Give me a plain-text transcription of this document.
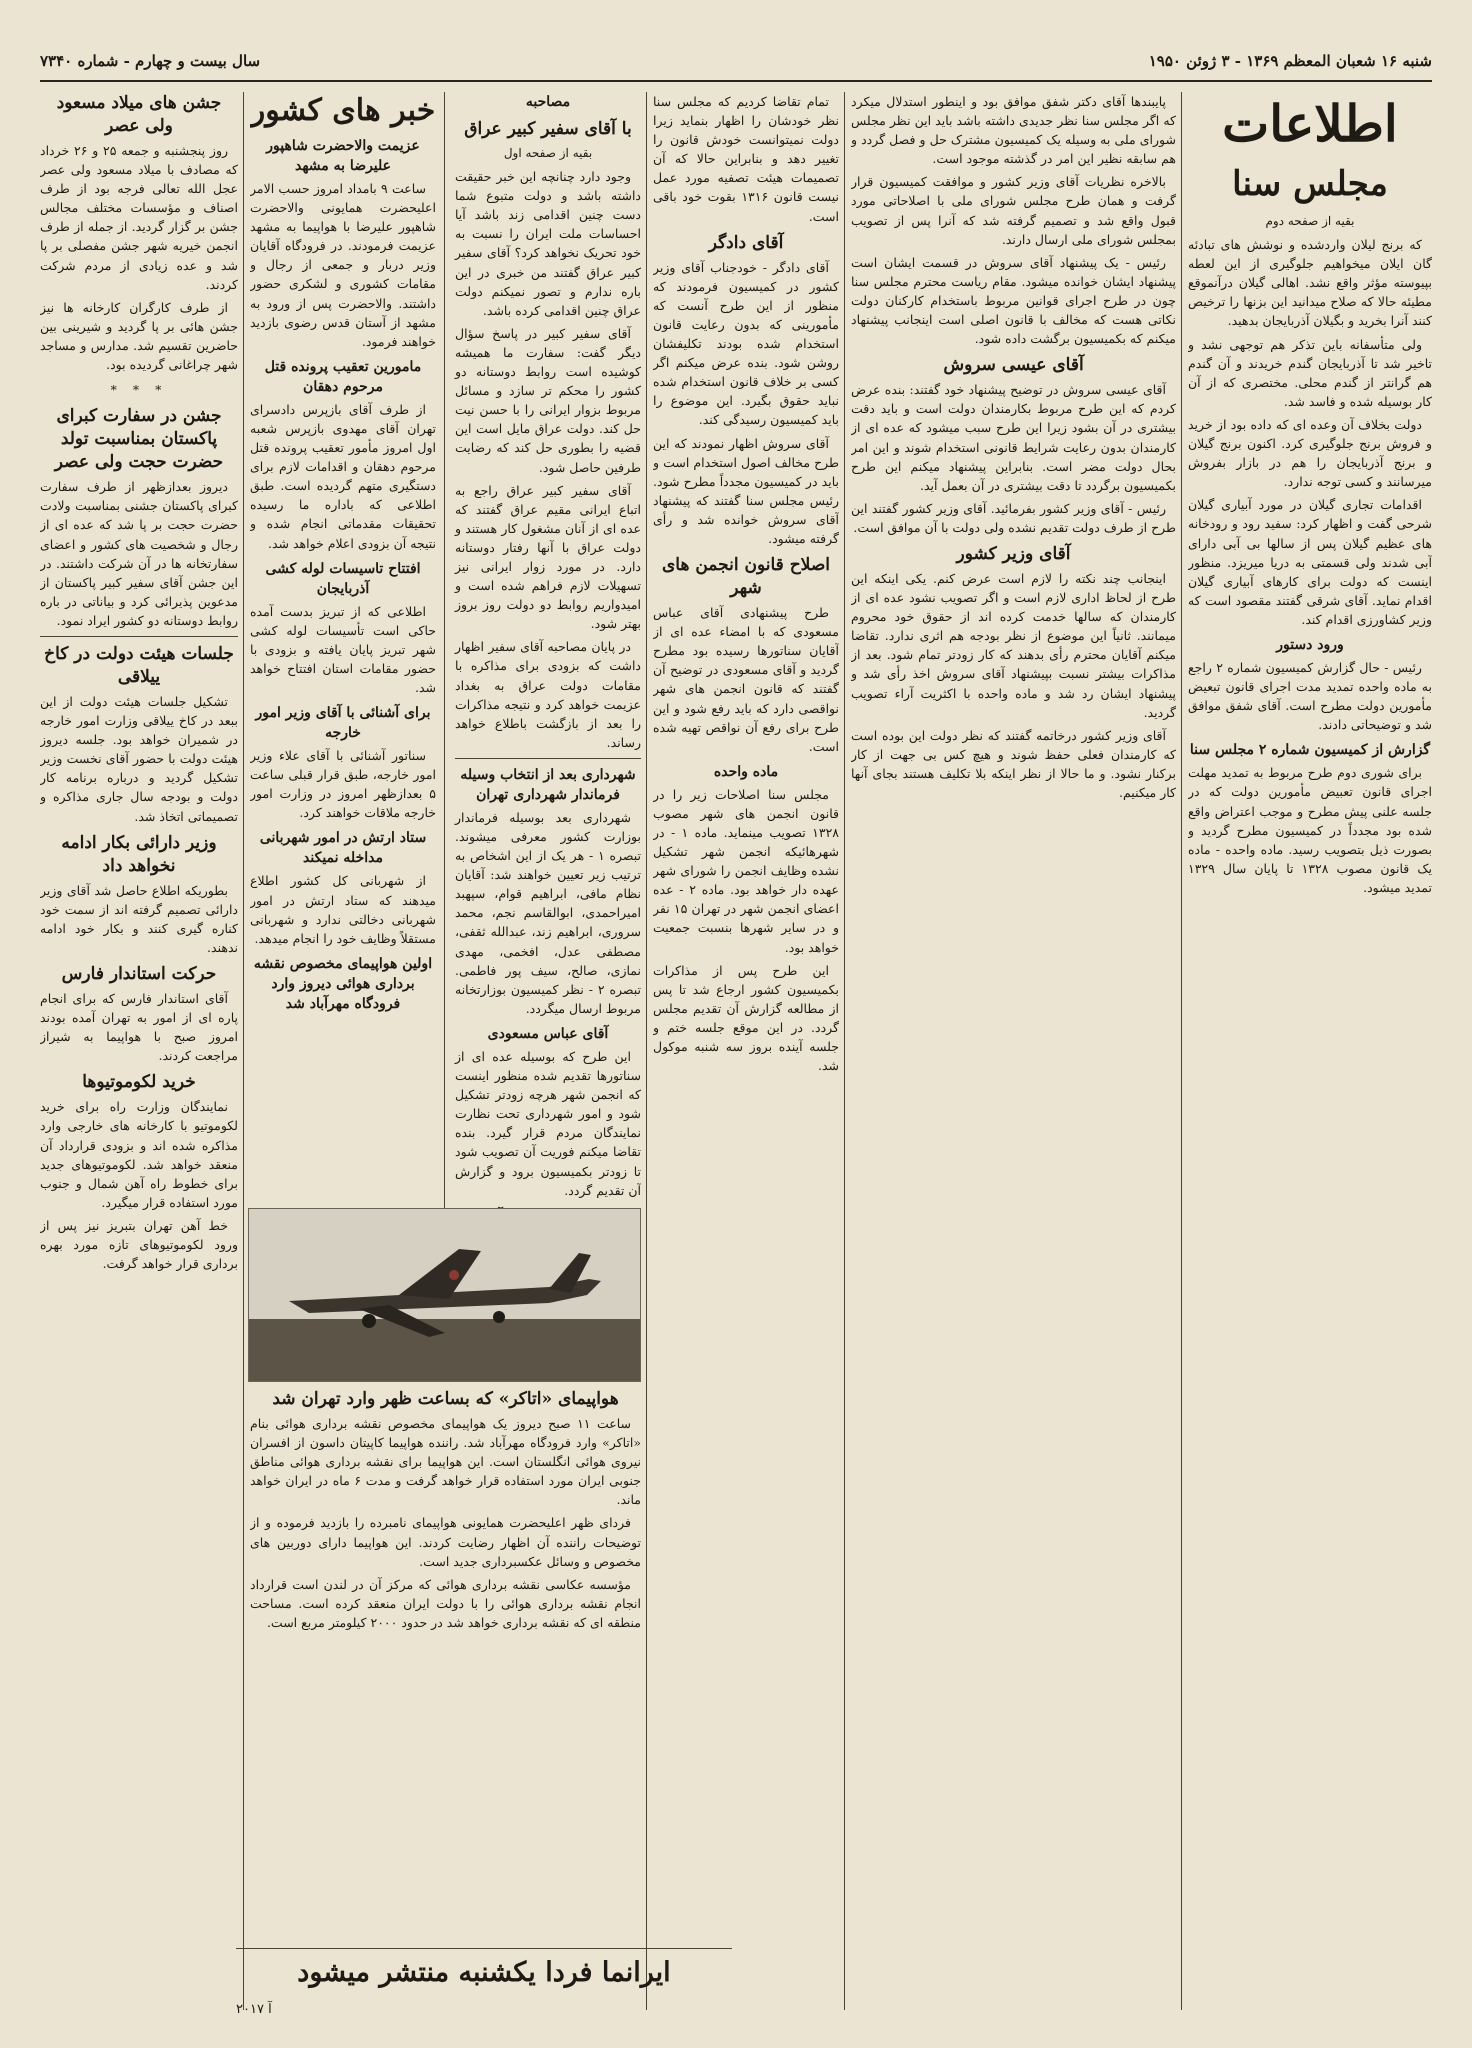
شنبه ۱۶ شعبان المعظم ۱۳۶۹ - ۳ ژوئن ۱۹۵۰
سال بیست و چهارم - شماره ۷۳۴۰
اطلاعات
مجلس سنا
بقیه از صفحه دوم

که برنج لیلان واردشده و نوشش های تبادئه گان ایلان میخواهیم جلوگیری از این لعطه بپیوسته مؤثر واقع نشد. اهالی گیلان درآنموقع مطیئه حالا که صلاح میدانید این بزنها را ترخیص کنند آنرا بخرید و بگیلان آذربایجان بدهید.

ولی متأسفانه باین تذکر هم توجهی نشد و تاخیر شد تا آذربایجان گندم خریدند و آن گندم هم گرانتر از گندم محلی. مختصری که از آن کار بوسیله شده و فاسد شد.

دولت بخلاف آن وعده ای که داده بود از خرید و فروش برنج جلوگیری کرد. اکنون برنج گیلان و برنج آذربایجان را هم در بازار بفروش میرسانند و کسی توجه ندارد.

اقدامات تجاری گیلان در مورد آبیاری گیلان شرحی گفت و اظهار کرد: سفید رود و رودخانه های عظیم گیلان پس از سالها بی آبی دارای آبی شدند ولی قسمتی به دریا میریزد. منظور اینست که دولت برای کارهای آبیاری گیلان اقدام نماید. آقای شرقی گفتند مقصود است که وزیر کشاورزی اقدام کند.

ورود دستور

رئیس - حال گزارش کمیسیون شماره ۲ راجع به ماده واحده تمدید مدت اجرای قانون تبعیض مأمورین دولت مطرح است. آقای شفق موافق شد و توضیحاتی دادند.

گزارش از کمیسیون شماره ۲ مجلس سنا

برای شوری دوم طرح مربوط به تمدید مهلت اجرای قانون تعبیض مأمورین دولت که در جلسه علنی پیش مطرح و موجب اعتراض واقع شده بود مجدداً در کمیسیون مطرح گردید و بصورت ذیل بتصویب رسید. ماده واحده - ماده یک قانون مصوب ۱۳۲۸ تا پایان سال ۱۳۲۹ تمدید میشود.

پایبندها آقای دکتر شفق موافق بود و اینطور استدلال میکرد که اگر مجلس سنا نظر جدیدی داشته باشد باید این نظر مجلس شورای ملی به وسیله یک کمیسیون مشترک حل و فصل گردد و هم سابقه نظیر این امر در گذشته موجود است.

بالاخره نظریات آقای وزیر کشور و موافقت کمیسیون قرار گرفت و همان طرح مجلس شورای ملی با اصلاحاتی مورد قبول واقع شد و تصمیم گرفته شد که آنرا پس از تصویب بمجلس شورای ملی ارسال دارند.

رئیس - یک پیشنهاد آقای سروش در قسمت ایشان است پیشنهاد ایشان خوانده میشود. مقام ریاست محترم مجلس سنا چون در طرح اجرای قوانین مربوط باستخدام کارکنان دولت نکاتی هست که مخالف با قانون اصلی است اینجانب پیشنهاد میکنم که بکمیسیون برگشت داده شود.

آقای عیسی سروش

آقای عیسی سروش در توضیح پیشنهاد خود گفتند: بنده عرض کردم که این طرح مربوط بکارمندان دولت است و باید دقت بیشتری در آن بشود زیرا این طرح سبب میشود که عده ای از کارمندان بدون رعایت شرایط قانونی استخدام شوند و این امر بحال دولت مضر است. بنابراین پیشنهاد میکنم این طرح بکمیسیون برگردد تا دقت بیشتری در آن بعمل آید.

رئیس - آقای وزیر کشور بفرمائید. آقای وزیر کشور گفتند این طرح از طرف دولت تقدیم نشده ولی دولت با آن موافق است.

آقای وزیر کشور

اینجانب چند نکته را لازم است عرض کنم. یکی اینکه این طرح از لحاظ اداری لازم است و اگر تصویب نشود عده ای از کارمندان که سالها خدمت کرده اند از حقوق خود محروم میمانند. ثانیاً این موضوع از نظر بودجه هم اثری ندارد. تقاضا میکنم آقایان محترم رأی بدهند که کار زودتر تمام شود. بعد از مذاکرات بیشتر نسبت بپیشنهاد آقای سروش اخذ رأی شد و پیشنهاد ایشان رد شد و ماده واحده با اکثریت آراء تصویب گردید.

آقای وزیر کشور درخاتمه گفتند که نظر دولت این بوده است که کارمندان فعلی حفظ شوند و هیچ کس بی جهت از کار برکنار نشود. و ما حالا از نظر اینکه بلا تکلیف هستند بجای آنها کار میکنیم.

تمام تقاضا کردیم که مجلس سنا نظر خودشان را اظهار بنماید زیرا دولت نمیتوانست خودش قانون را تغییر دهد و بنابراین حالا که آن تصمیمات هیئت تصفیه مورد عمل نیست قانون ۱۳۱۶ بقوت خود باقی است.

آقای دادگر

آقای دادگر - خودجناب آقای وزیر کشور در کمیسیون فرمودند که منظور از این طرح آنست که مأمورینی که بدون رعایت قانون استخدام شده بودند تکلیفشان روشن شود. بنده عرض میکنم اگر کسی بر خلاف قانون استخدام شده نباید حقوق بگیرد. این موضوع را باید کمیسیون رسیدگی کند.

آقای سروش اظهار نمودند که این طرح مخالف اصول استخدام است و باید در کمیسیون مجدداً مطرح شود. رئیس مجلس سنا گفتند که پیشنهاد آقای سروش خوانده شد و رأی گرفته میشود.

اصلاح قانون انجمن های شهر

طرح پیشنهادی آقای عباس مسعودی که با امضاء عده ای از آقایان سناتورها رسیده بود مطرح گردید و آقای مسعودی در توضیح آن گفتند که قانون انجمن های شهر نواقصی دارد که باید رفع شود و این طرح برای رفع آن نواقص تهیه شده است.

ماده واحده

مجلس سنا اصلاحات زیر را در قانون انجمن های شهر مصوب ۱۳۲۸ تصویب مینماید. ماده ۱ - در شهرهائیکه انجمن شهر تشکیل نشده وظایف انجمن را شورای شهر عهده دار خواهد بود. ماده ۲ - عده اعضای انجمن شهر در تهران ۱۵ نفر و در سایر شهرها بنسبت جمعیت خواهد بود.

این طرح پس از مذاکرات بکمیسیون کشور ارجاع شد تا پس از مطالعه گزارش آن تقدیم مجلس گردد. در این موقع جلسه ختم و جلسه آینده بروز سه شنبه موکول شد.

مصاحبه
با آقای سفیر کبیر عراق
بقیه از صفحه اول

وجود دارد چنانچه این خبر حقیقت داشته باشد و دولت متبوع شما دست چنین اقدامی زند باشد آیا احساسات ملت ایران را نسبت به خود تحریک نخواهد کرد؟ آقای سفیر کبیر عراق گفتند من خبری در این باره ندارم و تصور نمیکنم دولت عراق چنین اقدامی کرده باشد.

آقای سفیر کبیر در پاسخ سؤال دیگر گفت: سفارت ما همیشه کوشیده است روابط دوستانه دو کشور را محکم تر سازد و مسائل مربوط بزوار ایرانی را با حسن نیت حل کند. دولت عراق مایل است این قضیه را بطوری حل کند که رضایت طرفین حاصل شود.

آقای سفیر کبیر عراق راجع به اتباع ایرانی مقیم عراق گفتند که عده ای از آنان مشغول کار هستند و دولت عراق با آنها رفتار دوستانه دارد. در مورد زوار ایرانی نیز تسهیلات لازم فراهم شده است و امیدواریم روابط دو دولت روز بروز بهتر شود.

در پایان مصاحبه آقای سفیر اظهار داشت که بزودی برای مذاکره با مقامات دولت عراق به بغداد عزیمت خواهد کرد و نتیجه مذاکرات را بعد از بازگشت باطلاع خواهد رساند.

شهرداری بعد از انتخاب وسیله فرماندار شهرداری تهران

شهرداری بعد بوسیله فرماندار بوزارت کشور معرفی میشوند. تبصره ۱ - هر یک از این اشخاص به ترتیب زیر تعیین خواهند شد: آقایان نظام مافی، ابراهیم قوام، سپهبد امیراحمدی، ابوالقاسم نجم، محمد سروری، ابراهیم زند، عبدالله ثقفی، مصطفی عدل، افخمی، مهدی نمازی، صالح، سیف پور فاطمی. تبصره ۲ - نظر کمیسیون بوزارتخانه مربوط ارسال میگردد.

آقای عباس مسعودی

این طرح که بوسیله عده ای از سناتورها تقدیم شده منظور اینست که انجمن شهر هرچه زودتر تشکیل شود و امور شهرداری تحت نظارت نمایندگان مردم قرار گیرد. بنده تقاضا میکنم فوریت آن تصویب شود تا زودتر بکمیسیون برود و گزارش آن تقدیم گردد.

خبر های کشور
عزیمت والاحضرت شاهپور علیرضا به مشهد

ساعت ۹ بامداد امروز حسب الامر اعلیحضرت همایونی والاحضرت شاهپور علیرضا با هواپیما به مشهد عزیمت فرمودند. در فرودگاه آقایان وزیر دربار و جمعی از رجال و مقامات کشوری و لشکری حضور داشتند. والاحضرت پس از ورود به مشهد از آستان قدس رضوی بازدید خواهند فرمود.

مامورین تعقیب پرونده قتل مرحوم دهقان

از طرف آقای بازپرس دادسرای تهران آقای مهدوی بازپرس شعبه اول امروز مأمور تعقیب پرونده قتل مرحوم دهقان و اقدامات لازم برای دستگیری متهم گردیده است. طبق اطلاعی که باداره ما رسیده تحقیقات مقدماتی انجام شده و نتیجه آن بزودی اعلام خواهد شد.

افتتاح تاسیسات لوله کشی آذربایجان

اطلاعی که از تبریز بدست آمده حاکی است تأسیسات لوله کشی شهر تبریز پایان یافته و بزودی با حضور مقامات استان افتتاح خواهد شد.

برای آشنائی با آقای وزیر امور خارجه

سناتور آشنائی با آقای علاء وزیر امور خارجه، طبق قرار قبلی ساعت ۵ بعدازظهر امروز در وزارت امور خارجه ملاقات خواهند کرد.

ستاد ارتش در امور شهربانی مداخله نمیکند

از شهربانی کل کشور اطلاع میدهند که ستاد ارتش در امور شهربانی دخالتی ندارد و شهربانی مستقلاً وظایف خود را انجام میدهد.

اولین هواپیمای مخصوص نقشه برداری هوائی دیروز وارد فرودگاه مهرآباد شد
هواپیمای «اتاکر» که بساعت ظهر وارد تهران شد

ساعت ۱۱ صبح دیروز یک هواپیمای مخصوص نقشه برداری هوائی بنام «اتاکر» وارد فرودگاه مهرآباد شد. راننده هواپیما کاپیتان داسون از افسران نیروی هوائی انگلستان است. این هواپیما برای نقشه برداری هوائی مناطق جنوبی ایران مورد استفاده قرار خواهد گرفت و مدت ۶ ماه در ایران خواهد ماند.

فردای ظهر اعلیحضرت همایونی هواپیمای نامبرده را بازدید فرموده و از توضیحات راننده آن اظهار رضایت کردند. این هواپیما دارای دوربین های مخصوص و وسائل عکسبرداری جدید است.

مؤسسه عکاسی نقشه برداری هوائی که مرکز آن در لندن است قرارداد انجام نقشه برداری هوائی را با دولت ایران منعقد کرده است. مساحت منطقه ای که نقشه برداری خواهد شد در حدود ۲۰۰۰ کیلومتر مربع است.

ایرانما فردا یکشنبه منتشر میشود
آ ۲۰۱۷
جشن های میلاد مسعود ولی عصر

روز پنجشنبه و جمعه ۲۵ و ۲۶ خرداد که مصادف با میلاد مسعود ولی عصر عجل الله تعالی فرجه بود از طرف اصناف و مؤسسات مختلف مجالس جشن بر گزار گردید. از جمله از طرف انجمن خیریه شهر جشن مفصلی بر پا شد و عده زیادی از مردم شرکت کردند.

از طرف کارگران کارخانه ها نیز جشن هائی بر پا گردید و شیرینی بین حاضرین تقسیم شد. مدارس و مساجد شهر چراغانی گردیده بود.

* * *
جشن در سفارت کبرای پاکستان بمناسبت تولد حضرت حجت ولی عصر

دیروز بعدازظهر از طرف سفارت کبرای پاکستان جشنی بمناسبت ولادت حضرت حجت بر پا شد که عده ای از رجال و شخصیت های کشور و اعضای سفارتخانه ها در آن شرکت داشتند. در این جشن آقای سفیر کبیر پاکستان از مدعوین پذیرائی کرد و بیاناتی در باره روابط دوستانه دو کشور ایراد نمود.

جلسات هیئت دولت در کاخ ییلاقی

تشکیل جلسات هیئت دولت از این ببعد در کاخ ییلاقی وزارت امور خارجه در شمیران خواهد بود. جلسه دیروز هیئت دولت با حضور آقای نخست وزیر تشکیل گردید و درباره برنامه کار دولت و بودجه سال جاری مذاکره و تصمیماتی اتخاذ شد.

وزیر دارائی بکار ادامه نخواهد داد

بطوریکه اطلاع حاصل شد آقای وزیر دارائی تصمیم گرفته اند از سمت خود کناره گیری کنند و بکار خود ادامه ندهند.

حرکت استاندار فارس

آقای استاندار فارس که برای انجام پاره ای از امور به تهران آمده بودند امروز صبح با هواپیما به شیراز مراجعت کردند.

خرید لکوموتیوها

نمایندگان وزارت راه برای خرید لکوموتیو با کارخانه های خارجی وارد مذاکره شده اند و بزودی قرارداد آن منعقد خواهد شد. لکوموتیوهای جدید برای خطوط راه آهن شمال و جنوب مورد استفاده قرار میگیرد.

خط آهن تهران بتبریز نیز پس از ورود لکوموتیوهای تازه مورد بهره برداری قرار خواهد گرفت.
